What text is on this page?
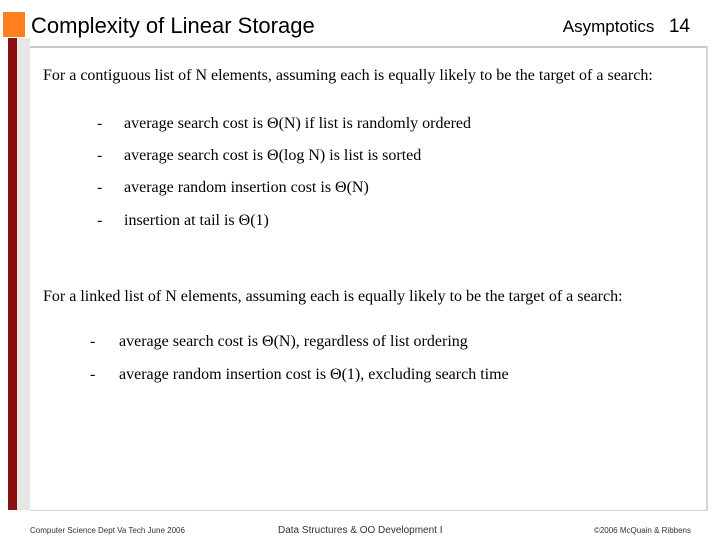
Complexity of Linear Storage	Asymptotics 14
For a contiguous list of N elements, assuming each is equally likely to be the target of a search:
- average search cost is Θ(N) if list is randomly ordered
- average search cost is Θ(log N) is list is sorted
- average random insertion cost is Θ(N)
- insertion at tail is Θ(1)
For a linked list of N elements, assuming each is equally likely to be the target of a search:
- average search cost is Θ(N), regardless of list ordering
- average random insertion cost is Θ(1), excluding search time
Computer Science Dept Va Tech June 2006	Data Structures & OO Development I	©2006 McQuain & Ribbens
